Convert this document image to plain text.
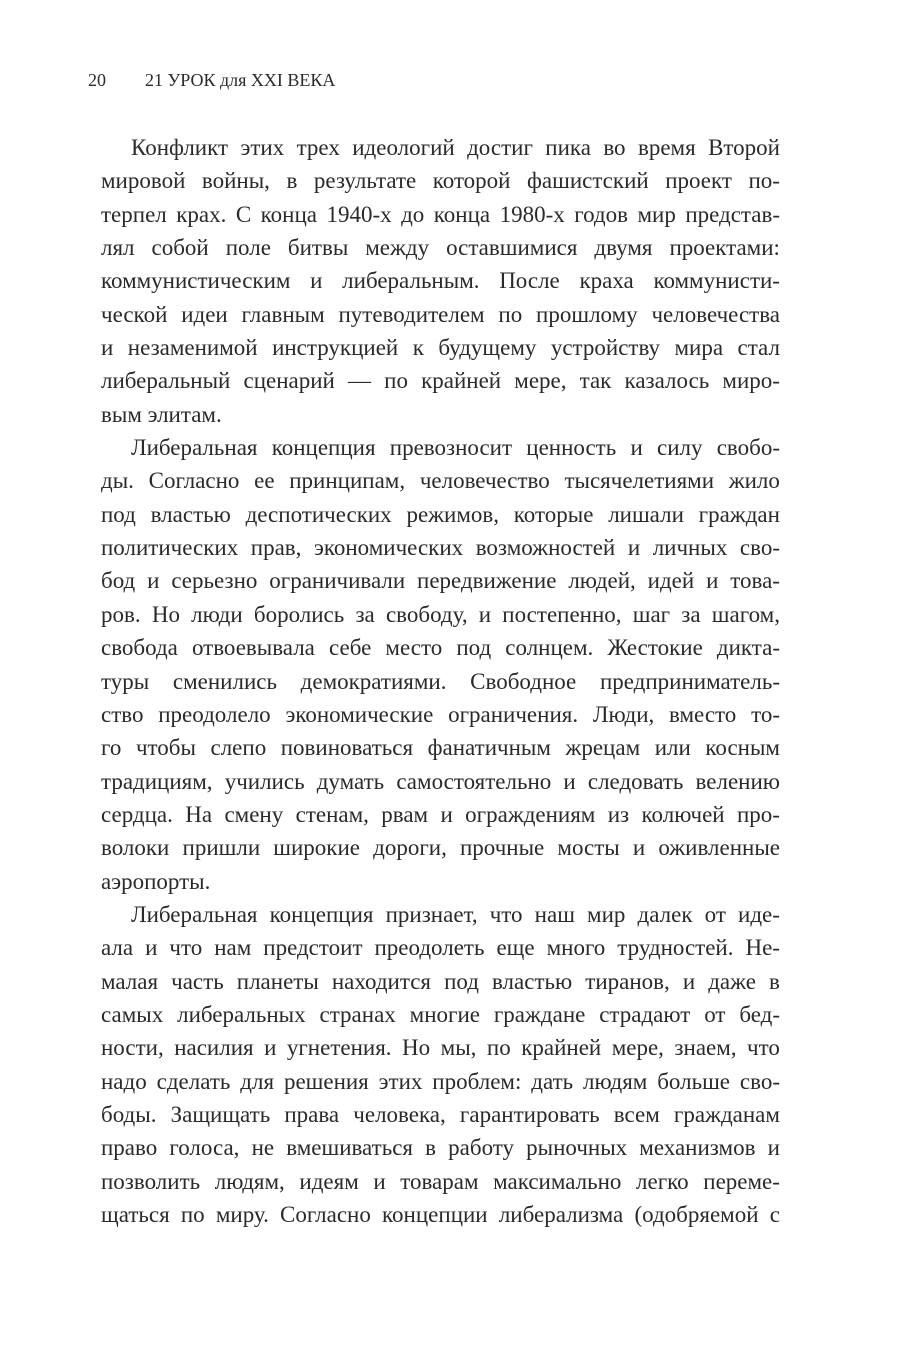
20 21 УРОК для XXI ВЕКА
Конфликт этих трех идеологий достиг пика во время Второй
мировой войны, в результате которой фашистский проект по-
терпел крах. С конца 1940-х до конца 1980-х годов мир представ-
лял собой поле битвы между оставшимися двумя проектами:
коммунистическим и либеральным. После краха коммунисти-
ческой идеи главным путеводителем по прошлому человечества
и незаменимой инструкцией к будущему устройству мира стал
либеральный сценарий — по крайней мере, так казалось миро-
вым элитам.
Либеральная концепция превозносит ценность и силу свобо-
ды. Согласно ее принципам, человечество тысячелетиями жило
под властью деспотических режимов, которые лишали граждан
политических прав, экономических возможностей и личных сво-
бод и серьезно ограничивали передвижение людей, идей и това-
ров. Но люди боролись за свободу, и постепенно, шаг за шагом,
свобода отвоевывала себе место под солнцем. Жестокие дикта-
туры сменились демократиями. Свободное предприниматель-
ство преодолело экономические ограничения. Люди, вместо то-
го чтобы слепо повиноваться фанатичным жрецам или косным
традициям, учились думать самостоятельно и следовать велению
сердца. На смену стенам, рвам и ограждениям из колючей про-
волоки пришли широкие дороги, прочные мосты и оживленные
аэропорты.
Либеральная концепция признает, что наш мир далек от иде-
ала и что нам предстоит преодолеть еще много трудностей. Не-
малая часть планеты находится под властью тиранов, и даже в
самых либеральных странах многие граждане страдают от бед-
ности, насилия и угнетения. Но мы, по крайней мере, знаем, что
надо сделать для решения этих проблем: дать людям больше сво-
боды. Защищать права человека, гарантировать всем гражданам
право голоса, не вмешиваться в работу рыночных механизмов и
позволить людям, идеям и товарам максимально легко переме-
щаться по миру. Согласно концепции либерализма (одобряемой с
